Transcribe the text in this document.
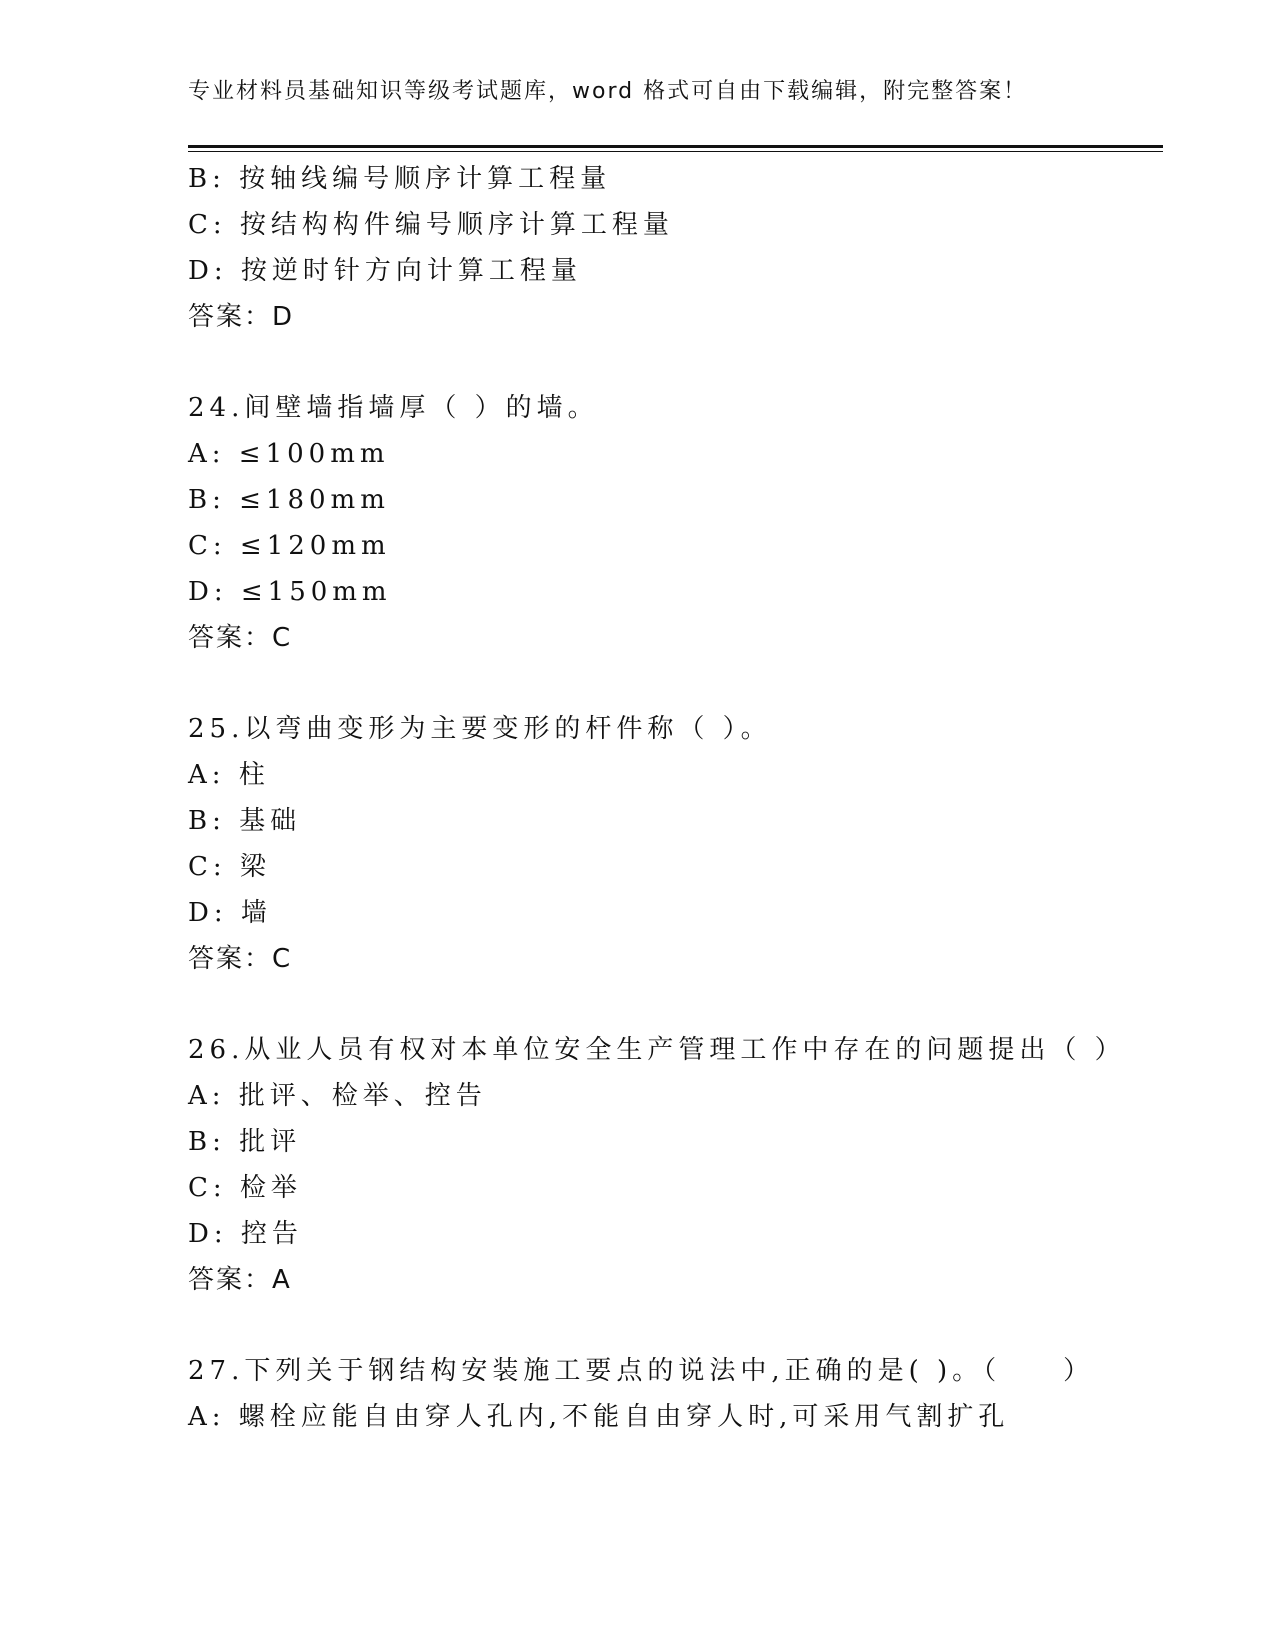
专业材料员基础知识等级考试题库，word 格式可自由下载编辑，附完整答案！
B: 按轴线编号顺序计算工程量
C: 按结构构件编号顺序计算工程量
D: 按逆时针方向计算工程量
答案：D
24.间壁墙指墙厚（ ）的墙。
A: ≤100mm
B: ≤180mm
C: ≤120mm
D: ≤150mm
答案：C
25.以弯曲变形为主要变形的杆件称（ ）。
A: 柱
B: 基础
C: 梁
D: 墙
答案：C
26.从业人员有权对本单位安全生产管理工作中存在的问题提出（ ）
A: 批评、检举、控告
B: 批评
C: 检举
D: 控告
答案：A
27.下列关于钢结构安装施工要点的说法中,正确的是( )。（　　）
A: 螺栓应能自由穿人孔内,不能自由穿人时,可采用气割扩孔
